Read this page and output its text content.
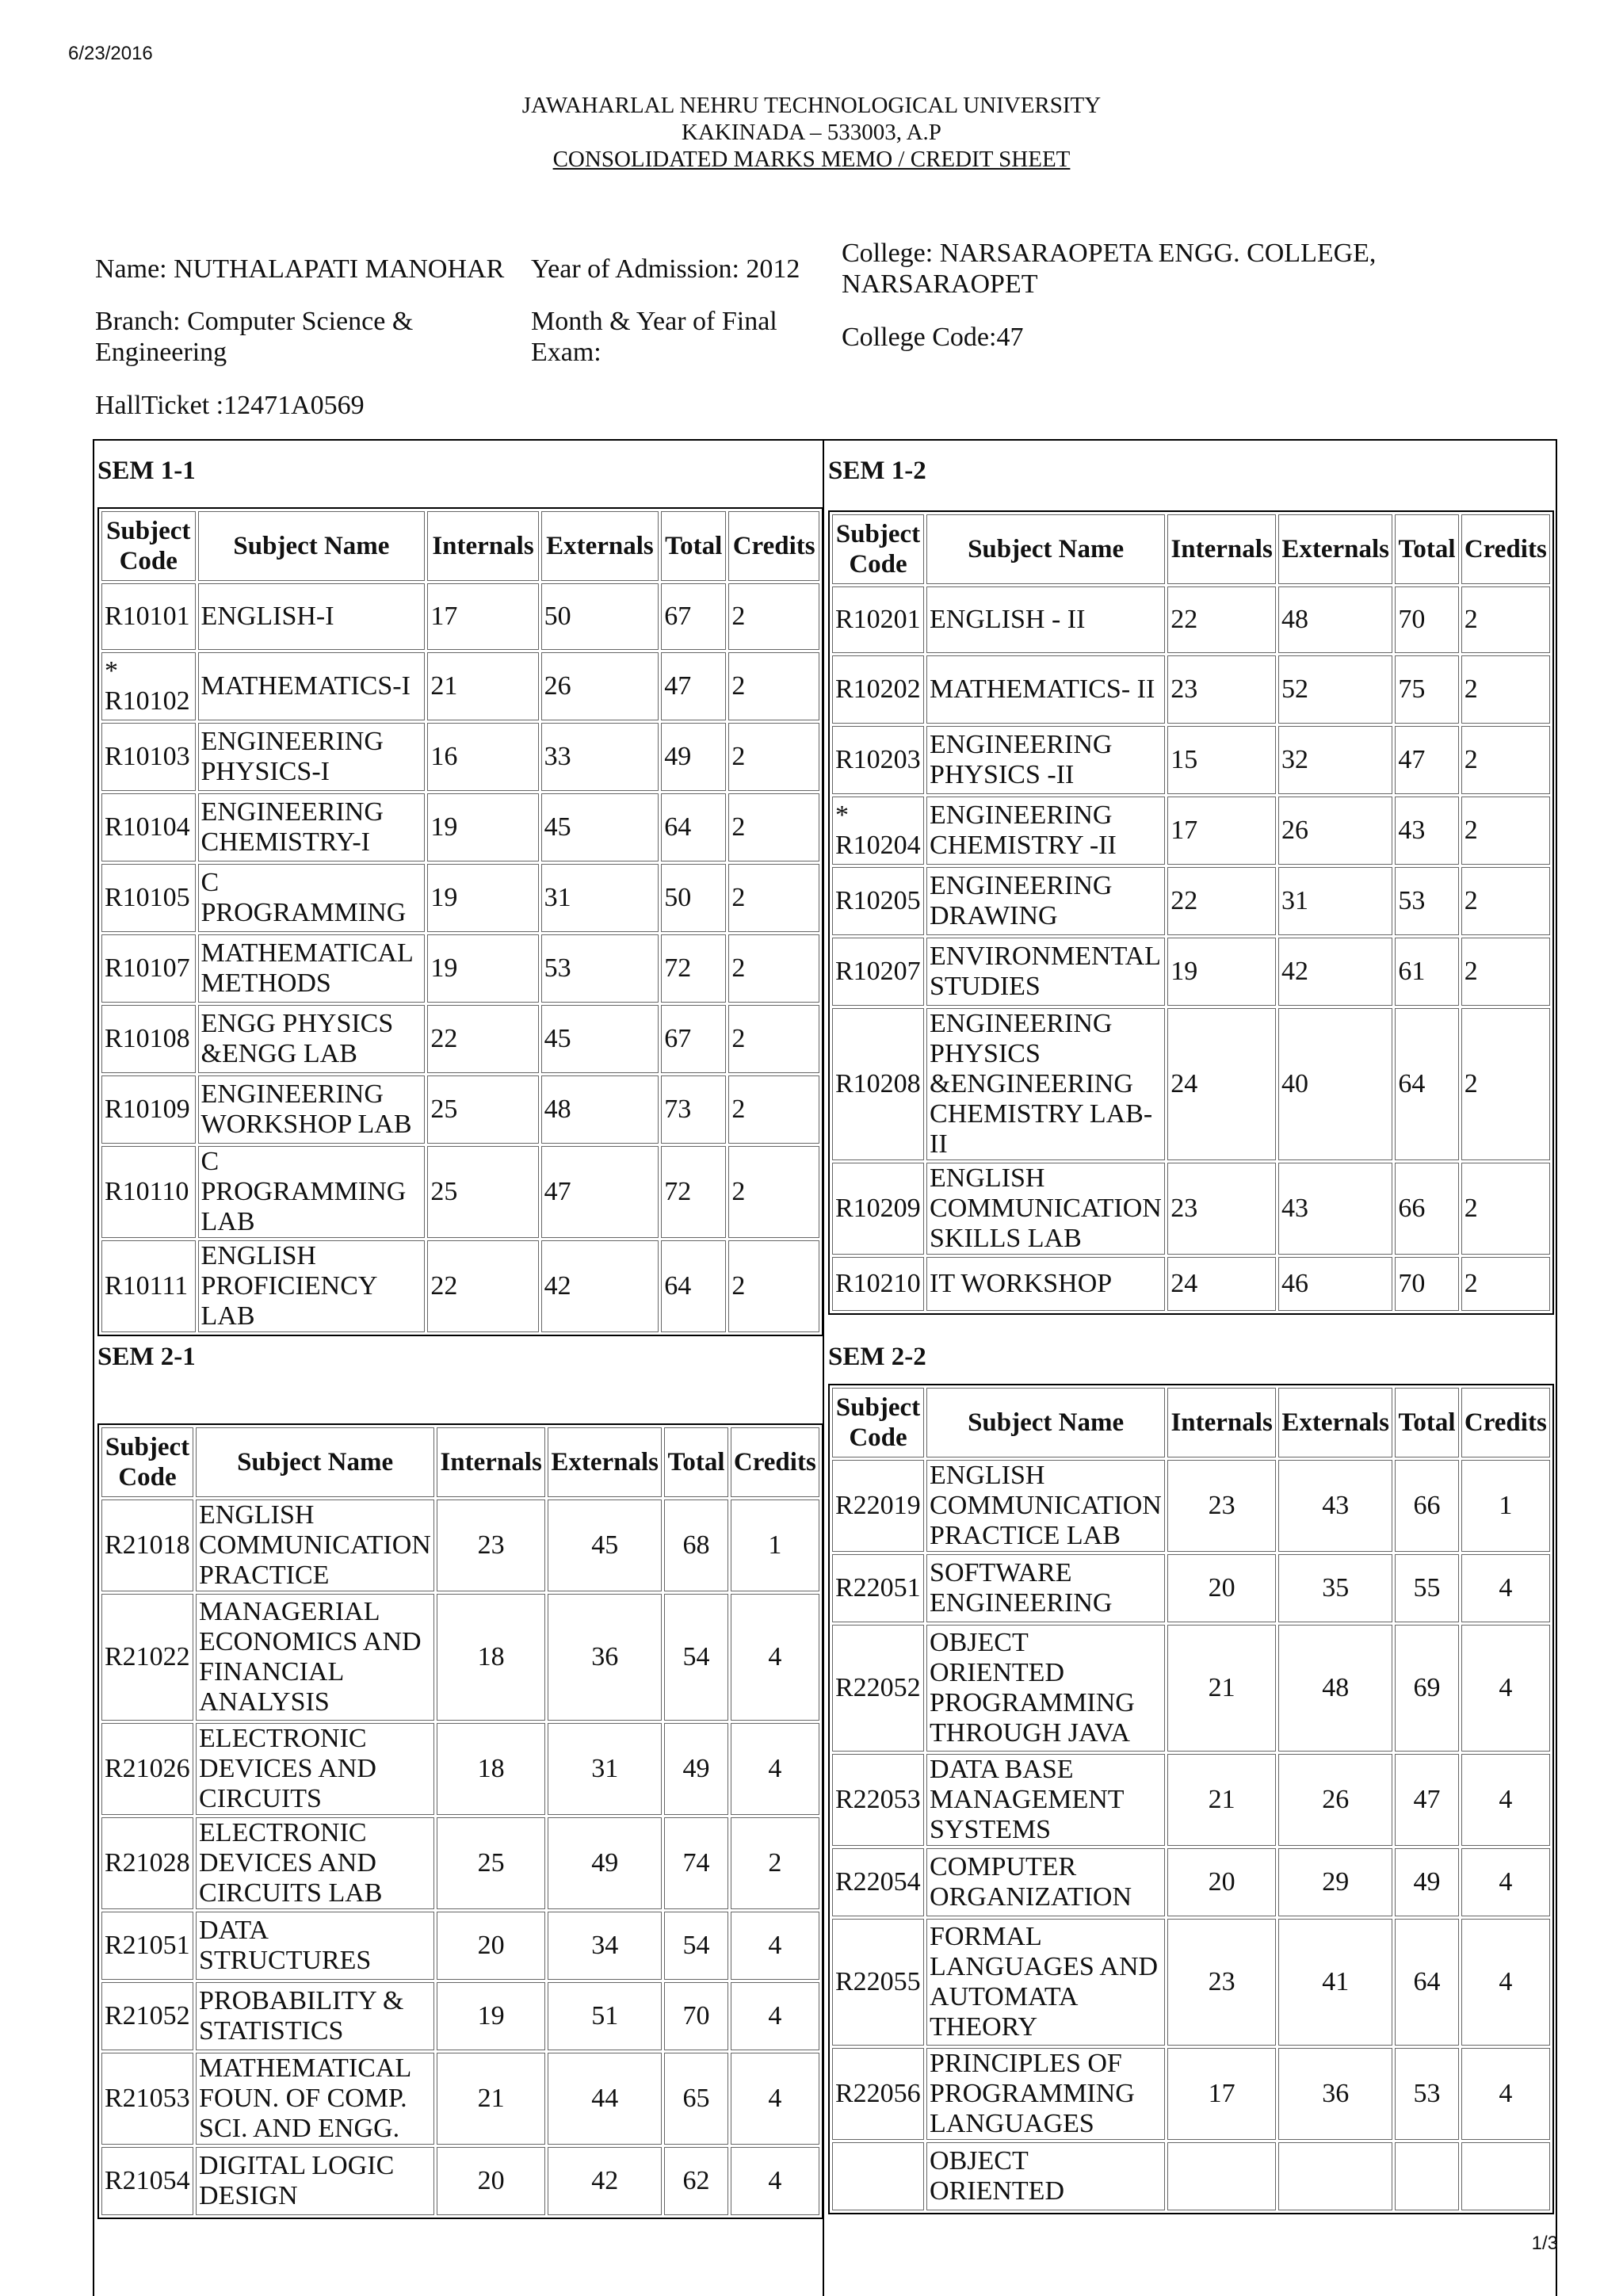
6/23/2016
JAWAHARLAL NEHRU TECHNOLOGICAL UNIVERSITY
KAKINADA – 533003, A.P
CONSOLIDATED MARKS MEMO / CREDIT SHEET
Name: NUTHALAPATI MANOHAR Year of Admission: 2012
College: NARSARAOPETA ENGG. COLLEGE, NARSARAOPET
Branch: Computer Science & Engineering
Month & Year of Final Exam:
College Code:47
HallTicket :12471A0569
SEM 1-1
Subject Code	Subject Name	Internals	Externals	Total	Credits
R10101	ENGLISH-I	17	50	67	2
* R10102	MATHEMATICS-I	21	26	47	2
R10103	ENGINEERING PHYSICS-I	16	33	49	2
R10104	ENGINEERING CHEMISTRY-I	19	45	64	2
R10105	C PROGRAMMING	19	31	50	2
R10107	MATHEMATICAL METHODS	19	53	72	2
R10108	ENGG PHYSICS &ENGG LAB	22	45	67	2
R10109	ENGINEERING WORKSHOP LAB	25	48	73	2
R10110	C PROGRAMMING LAB	25	47	72	2
R10111	ENGLISH PROFICIENCY LAB	22	42	64	2
SEM 1-2
Subject Code	Subject Name	Internals	Externals	Total	Credits
R10201	ENGLISH - II	22	48	70	2
R10202	MATHEMATICS- II	23	52	75	2
R10203	ENGINEERING PHYSICS -II	15	32	47	2
* R10204	ENGINEERING CHEMISTRY -II	17	26	43	2
R10205	ENGINEERING DRAWING	22	31	53	2
R10207	ENVIRONMENTAL STUDIES	19	42	61	2
R10208	ENGINEERING PHYSICS &ENGINEERING CHEMISTRY LAB-II	24	40	64	2
R10209	ENGLISH COMMUNICATION SKILLS LAB	23	43	66	2
R10210	IT WORKSHOP	24	46	70	2
SEM 2-1
Subject Code	Subject Name	Internals	Externals	Total	Credits
R21018	ENGLISH COMMUNICATION PRACTICE	23	45	68	1
R21022	MANAGERIAL ECONOMICS AND FINANCIAL ANALYSIS	18	36	54	4
R21026	ELECTRONIC DEVICES AND CIRCUITS	18	31	49	4
R21028	ELECTRONIC DEVICES AND CIRCUITS LAB	25	49	74	2
R21051	DATA STRUCTURES	20	34	54	4
R21052	PROBABILITY & STATISTICS	19	51	70	4
R21053	MATHEMATICAL FOUN. OF COMP. SCI. AND ENGG.	21	44	65	4
R21054	DIGITAL LOGIC DESIGN	20	42	62	4
SEM 2-2
Subject Code	Subject Name	Internals	Externals	Total	Credits
R22019	ENGLISH COMMUNICATION PRACTICE LAB	23	43	66	1
R22051	SOFTWARE ENGINEERING	20	35	55	4
R22052	OBJECT ORIENTED PROGRAMMING THROUGH JAVA	21	48	69	4
R22053	DATA BASE MANAGEMENT SYSTEMS	21	26	47	4
R22054	COMPUTER ORGANIZATION	20	29	49	4
R22055	FORMAL LANGUAGES AND AUTOMATA THEORY	23	41	64	4
R22056	PRINCIPLES OF PROGRAMMING LANGUAGES	17	36	53	4
	OBJECT ORIENTED				
1/3
